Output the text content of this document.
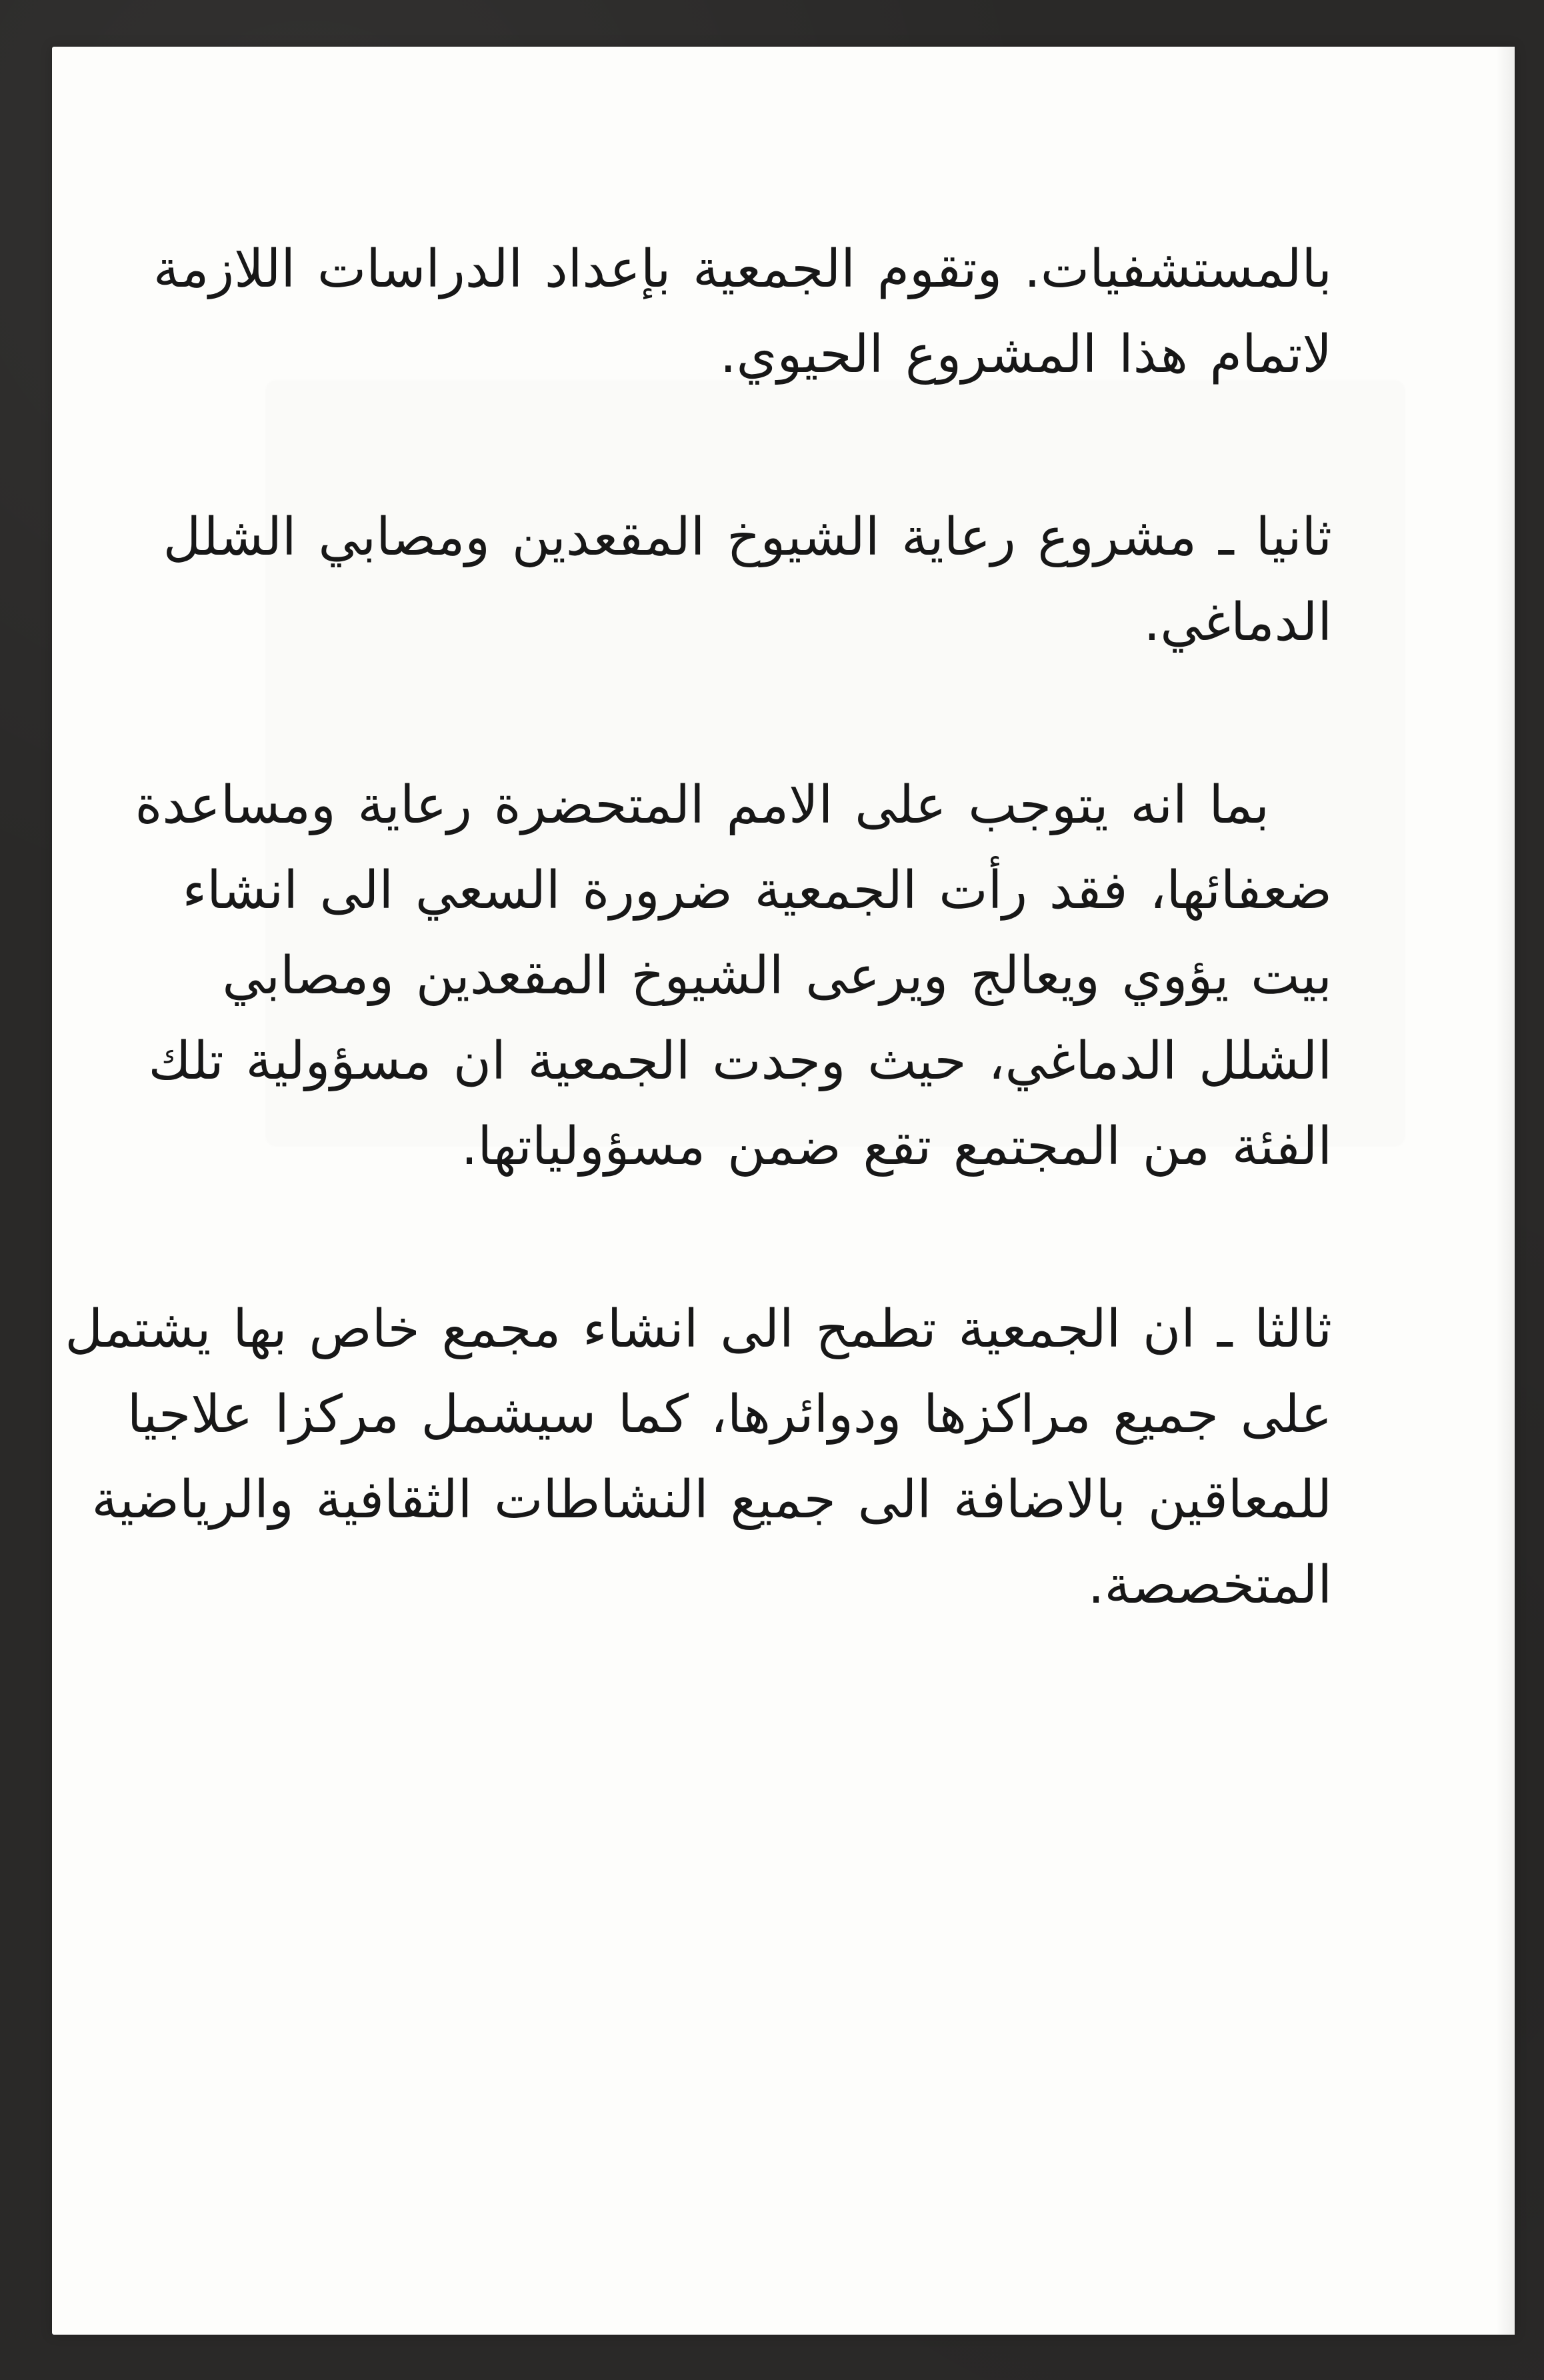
بالمستشفيات. وتقوم الجمعية بإعداد الدراسات اللازمة
لاتمام هذا المشروع الحيوي.
ثانيا ـ مشروع رعاية الشيوخ المقعدين ومصابي الشلل
الدماغي.
بما انه يتوجب على الامم المتحضرة رعاية ومساعدة
ضعفائها، فقد رأت الجمعية ضرورة السعي الى انشاء
بيت يؤوي ويعالج ويرعى الشيوخ المقعدين ومصابي
الشلل الدماغي، حيث وجدت الجمعية ان مسؤولية تلك
الفئة من المجتمع تقع ضمن مسؤولياتها.
ثالثا ـ ان الجمعية تطمح الى انشاء مجمع خاص بها يشتمل
على جميع مراكزها ودوائرها، كما سيشمل مركزا علاجيا
للمعاقين بالاضافة الى جميع النشاطات الثقافية والرياضية
المتخصصة.
